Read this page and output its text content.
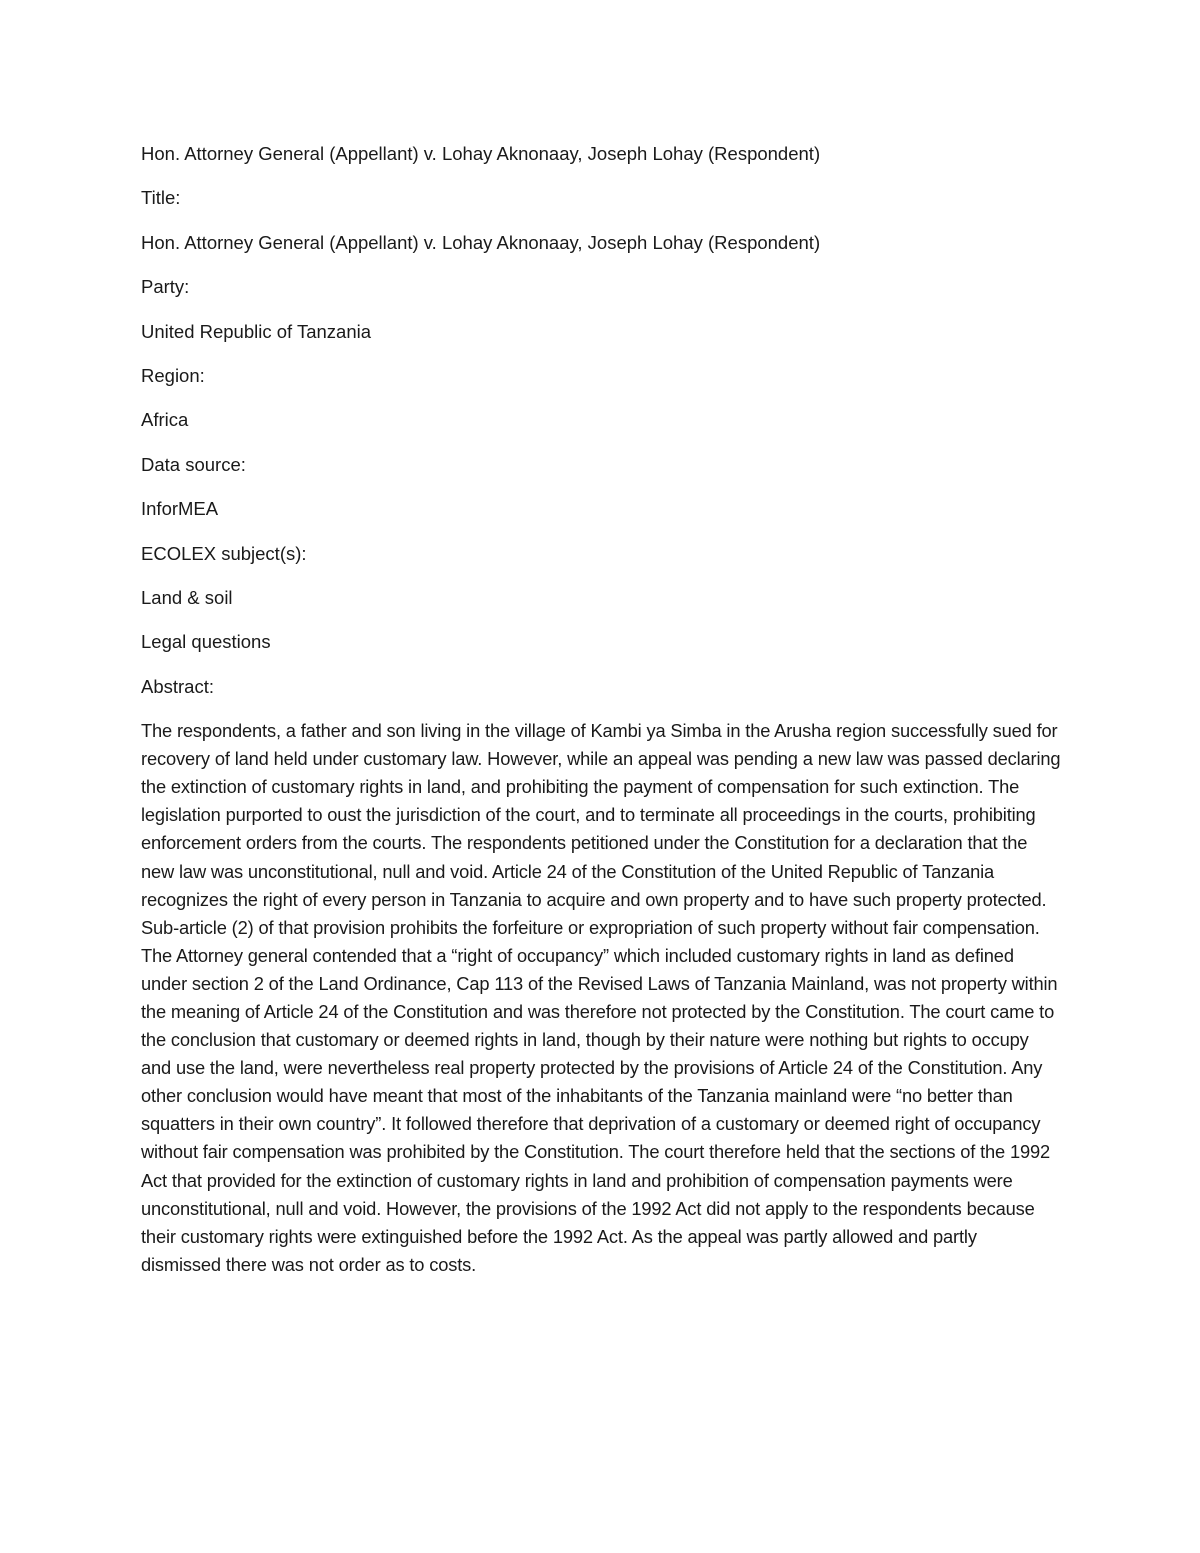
Hon. Attorney General (Appellant) v. Lohay Aknonaay, Joseph Lohay (Respondent)

Title:

Hon. Attorney General (Appellant) v. Lohay Aknonaay, Joseph Lohay (Respondent)

Party:

United Republic of Tanzania

Region:

Africa

Data source:

InforMEA

ECOLEX subject(s):

Land & soil

Legal questions

Abstract:

The respondents, a father and son living in the village of Kambi ya Simba in the Arusha region successfully sued for recovery of land held under customary law. However, while an appeal was pending a new law was passed declaring the extinction of customary rights in land, and prohibiting the payment of compensation for such extinction. The legislation purported to oust the jurisdiction of the court, and to terminate all proceedings in the courts, prohibiting enforcement orders from the courts. The respondents petitioned under the Constitution for a declaration that the new law was unconstitutional, null and void. Article 24 of the Constitution of the United Republic of Tanzania recognizes the right of every person in Tanzania to acquire and own property and to have such property protected. Sub-article (2) of that provision prohibits the forfeiture or expropriation of such property without fair compensation. The Attorney general contended that a “right of occupancy” which included customary rights in land as defined under section 2 of the Land Ordinance, Cap 113 of the Revised Laws of Tanzania Mainland, was not property within the meaning of Article 24 of the Constitution and was therefore not protected by the Constitution. The court came to the conclusion that customary or deemed rights in land, though by their nature were nothing but rights to occupy and use the land, were nevertheless real property protected by the provisions of Article 24 of the Constitution. Any other conclusion would have meant that most of the inhabitants of the Tanzania mainland were “no better than squatters in their own country”. It followed therefore that deprivation of a customary or deemed right of occupancy without fair compensation was prohibited by the Constitution. The court therefore held that the sections of the 1992 Act that provided for the extinction of customary rights in land and prohibition of compensation payments were unconstitutional, null and void. However, the provisions of the 1992 Act did not apply to the respondents because their customary rights were extinguished before the 1992 Act. As the appeal was partly allowed and partly dismissed there was not order as to costs.
